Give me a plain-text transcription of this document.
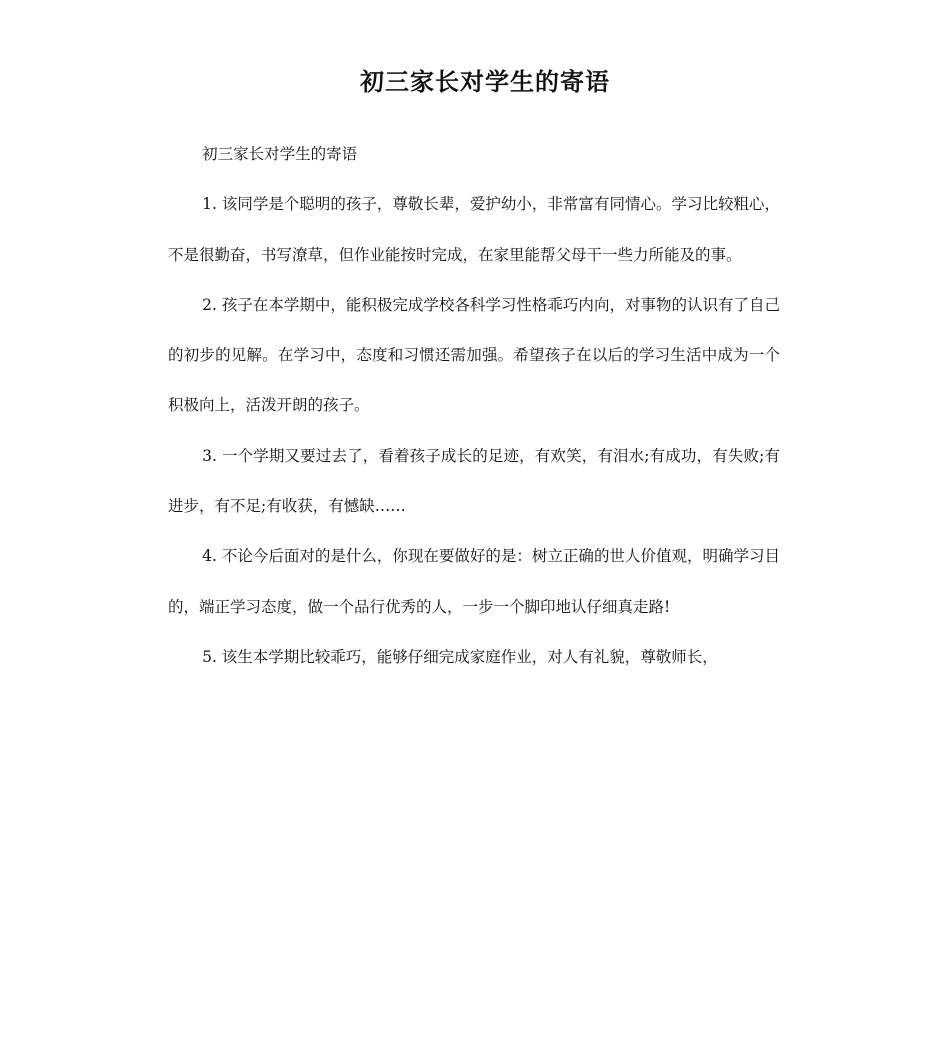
初三家长对学生的寄语

初三家长对学生的寄语

1. 该同学是个聪明的孩子，尊敬长辈，爱护幼小，非常富有同情心。学习比较粗心，不是很勤奋，书写潦草，但作业能按时完成，在家里能帮父母干一些力所能及的事。

2. 孩子在本学期中，能积极完成学校各科学习性格乖巧内向，对事物的认识有了自己的初步的见解。在学习中，态度和习惯还需加强。希望孩子在以后的学习生活中成为一个积极向上，活泼开朗的孩子。

3. 一个学期又要过去了，看着孩子成长的足迹，有欢笑，有泪水;有成功，有失败;有进步，有不足;有收获，有憾缺……

4. 不论今后面对的是什么，你现在要做好的是：树立正确的世人价值观，明确学习目的，端正学习态度，做一个品行优秀的人，一步一个脚印地认仔细真走路!

5. 该生本学期比较乖巧，能够仔细完成家庭作业，对人有礼貌，尊敬师长，
